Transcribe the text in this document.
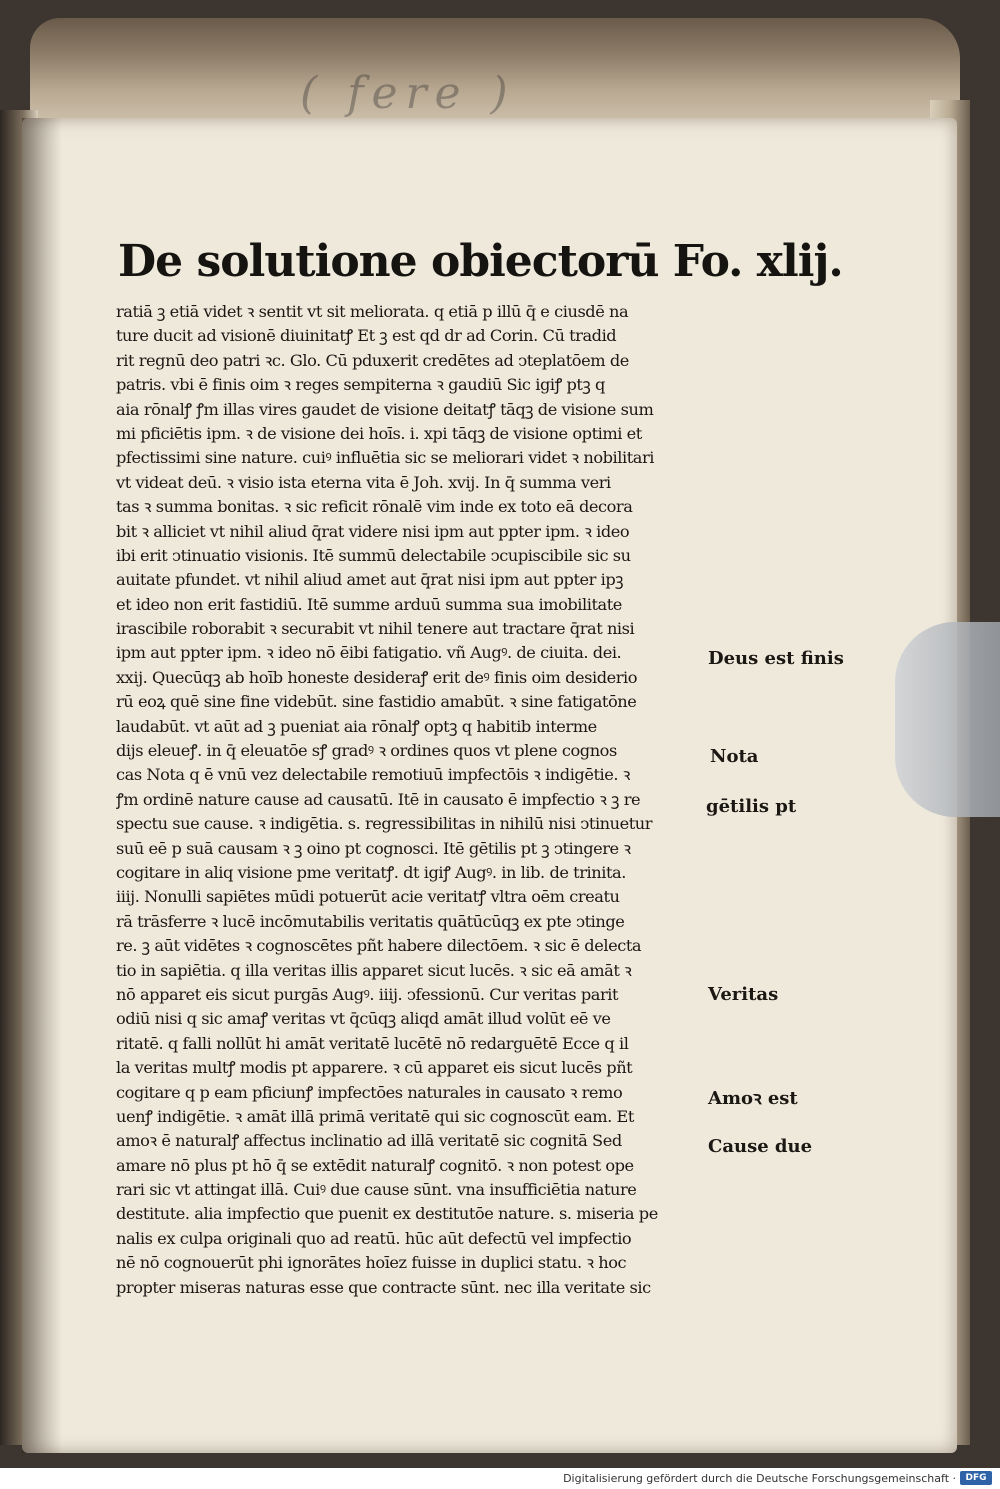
( fere )
De solutione obiectorū Fo. xlij.
ratiā ꝫ etiā videt ꝛ sentit vt sit meliorata. q etiā p illū q̄ e ciusdē na
ture ducit ad visionē diuinitatꝭ Et ꝫ est qd dr ad Corin. Cū tradid
rit regnū deo patri ꝛc. Glo. Cū pduxerit credētes ad ↄteplatōem de
patris. vbi ē finis oim ꝛ reges sempiterna ꝛ gaudiū Sic igiꝭ ptꝫ q
aia rōnalꝭ ꝭm illas vires gaudet de visione deitatꝭ tāqꝫ de visione sum
mi pficiētis ipm. ꝛ de visione dei hoīs. i. xpi tāqꝫ de visione optimi et
pfectissimi sine nature. cuiꝰ influētia sic se meliorari videt ꝛ nobilitari
vt videat deū. ꝛ visio ista eterna vita ē Joh. xvij. In q̄ summa veri
tas ꝛ summa bonitas. ꝛ sic reficit rōnalē vim inde ex toto eā decora
bit ꝛ alliciet vt nihil aliud q̄rat videre nisi ipm aut ppter ipm. ꝛ ideo
ibi erit ↄtinuatio visionis. Itē summū delectabile ↄcupiscibile sic su
auitate pfundet. vt nihil aliud amet aut q̄rat nisi ipm aut ppter ipꝫ
et ideo non erit fastidiū. Itē summe arduū summa sua imobilitate
irascibile roborabit ꝛ securabit vt nihil tenere aut tractare q̄rat nisi
ipm aut ppter ipm. ꝛ ideo nō ēibi fatigatio. vñ Augꝰ. de ciuita. dei.
xxij. Quecūqꝫ ab hoīb honeste desideraꝭ erit deꝰ finis oim desiderio
rū eoꝝ quē sine fine videbūt. sine fastidio amabūt. ꝛ sine fatigatōne
laudabūt. vt aūt ad ꝫ pueniat aia rōnalꝭ optꝫ q habitib interme
dijs eleueꝭ. in q̄ eleuatōe sꝭ gradꝰ ꝛ ordines quos vt plene cognos
cas Nota q ē vnū vez delectabile remotiuū impfectōis ꝛ indigētie. ꝛ
ꝭm ordinē nature cause ad causatū. Itē in causato ē impfectio ꝛ ꝫ re
spectu sue cause. ꝛ indigētia. s. regressibilitas in nihilū nisi ↄtinuetur
suū eē p suā causam ꝛ ꝫ oino pt cognosci. Itē gētilis pt ꝫ ↄtingere ꝛ
cogitare in aliq visione pme veritatꝭ. dt igiꝭ Augꝰ. in lib. de trinita.
iiij. Nonulli sapiētes mūdi potuerūt acie veritatꝭ vltra oēm creatu
rā trāsferre ꝛ lucē incōmutabilis veritatis quātūcūqꝫ ex pte ↄtinge
re. ꝫ aūt vidētes ꝛ cognoscētes pñt habere dilectōem. ꝛ sic ē delecta
tio in sapiētia. q illa veritas illis apparet sicut lucēs. ꝛ sic eā amāt ꝛ
nō apparet eis sicut purgās Augꝰ. iiij. ↄfessionū. Cur veritas parit
odiū nisi q sic amaꝭ veritas vt q̄cūqꝫ aliqd amāt illud volūt eē ve
ritatē. q falli nollūt hi amāt veritatē lucētē nō redarguētē Ecce q il
la veritas multꝭ modis pt apparere. ꝛ cū apparet eis sicut lucēs pñt
cogitare q p eam pficiunꝭ impfectōes naturales in causato ꝛ remo
uenꝭ indigētie. ꝛ amāt illā primā veritatē qui sic cognoscūt eam. Et
amoꝛ ē naturalꝭ affectus inclinatio ad illā veritatē sic cognitā Sed
amare nō plus pt hō q̄ se extēdit naturalꝭ cognitō. ꝛ non potest ope
rari sic vt attingat illā. Cuiꝰ due cause sūnt. vna insufficiētia nature
destitute. alia impfectio que puenit ex destitutōe nature. s. miseria pe
nalis ex culpa originali quo ad reatū. hūc aūt defectū vel impfectio
nē nō cognouerūt phi ignorātes hoīez fuisse in duplici statu. ꝛ hoc
propter miseras naturas esse que contracte sūnt. nec illa veritate sic
Deus est finis
Nota
gētilis pt
Veritas
Amoꝛ est
Cause due
Digitalisierung gefördert durch die Deutsche Forschungsgemeinschaft ·	DFG
